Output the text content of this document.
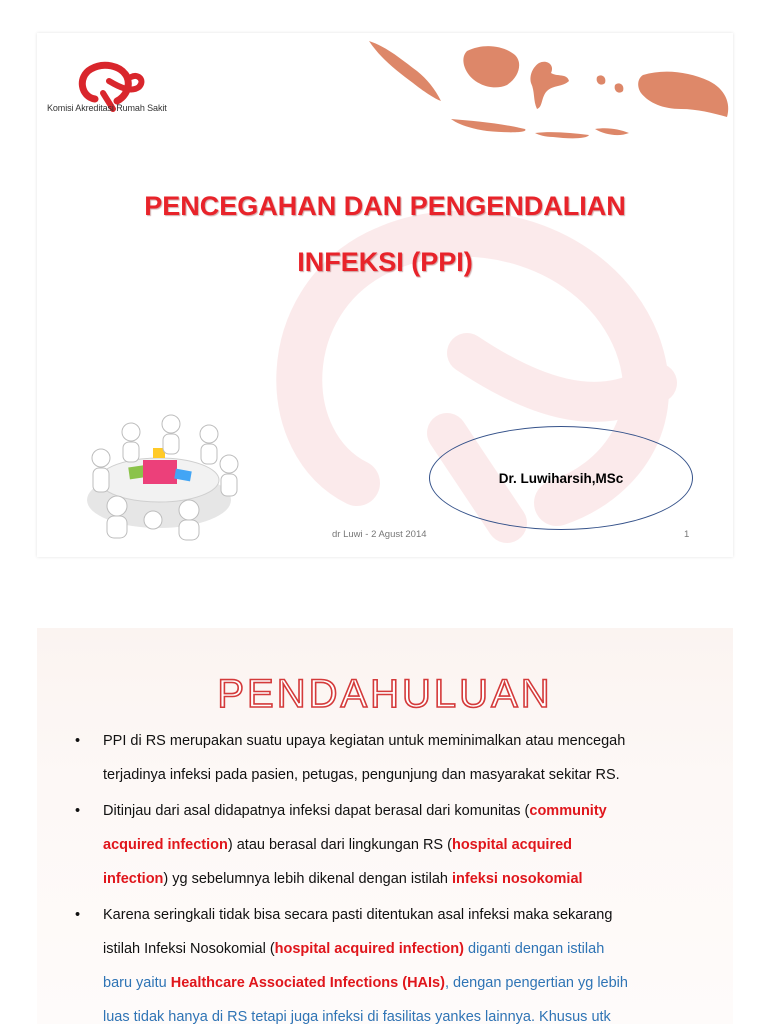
Komisi Akreditasi Rumah Sakit
PENCEGAHAN DAN PENGENDALIAN
INFEKSI (PPI)
Dr. Luwiharsih,MSc
dr Luwi - 2 Agust 2014	1
PENDAHULUAN
• PPI di RS merupakan suatu upaya kegiatan untuk meminimalkan atau mencegah
terjadinya infeksi pada pasien, petugas, pengunjung dan masyarakat sekitar RS.
• Ditinjau dari asal didapatnya infeksi dapat berasal dari komunitas (community
acquired infection) atau berasal dari lingkungan RS (hospital acquired
infection) yg sebelumnya lebih dikenal dengan istilah infeksi nosokomial
• Karena seringkali tidak bisa secara pasti ditentukan asal infeksi maka sekarang
istilah Infeksi Nosokomial (hospital acquired infection) diganti dengan istilah
baru yaitu Healthcare Associated Infections (HAIs), dengan pengertian yg lebih
luas tidak hanya di RS tetapi juga infeksi di fasilitas yankes lainnya. Khusus utk
